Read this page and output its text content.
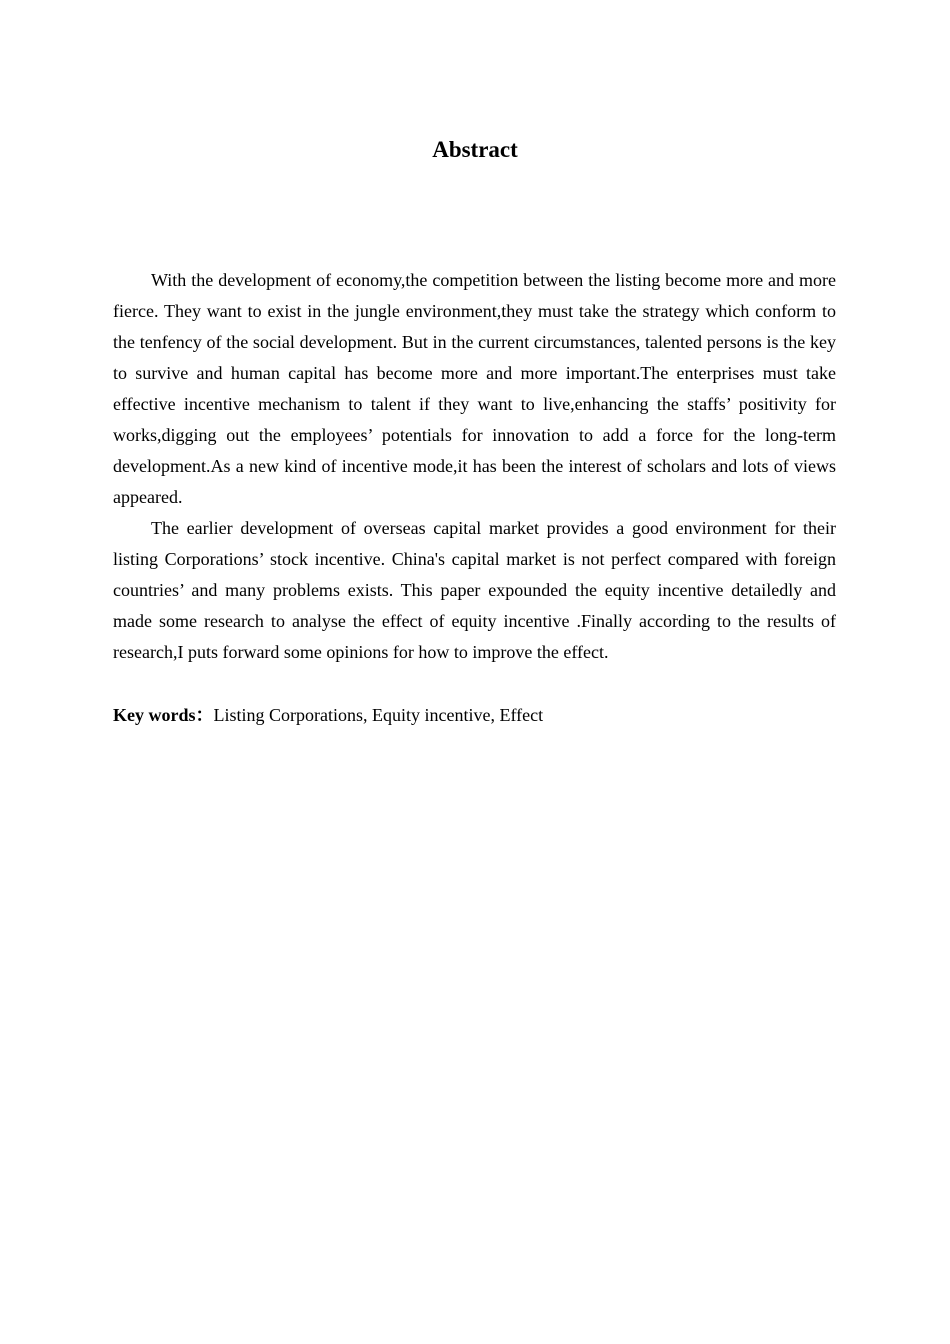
Abstract

With the development of economy,the competition between the listing become more and more fierce. They want to exist in the jungle environment,they must take the strategy which conform to the tenfency of the social development. But in the current circumstances, talented persons is the key to survive and human capital has become more and more important.The enterprises must take effective incentive mechanism to talent if they want to live,enhancing the staffs’ positivity for works,digging out the employees’ potentials for innovation to add a force for the long-term development.As a new kind of incentive mode,it has been the interest of scholars and lots of views appeared.

The earlier development of overseas capital market provides a good environment for their listing Corporations’ stock incentive. China's capital market is not perfect compared with foreign countries’ and many problems exists. This paper expounded the equity incentive detailedly and made some research to analyse the effect of equity incentive .Finally according to the results of research,I puts forward some opinions for how to improve the effect.

Key words：Listing Corporations, Equity incentive, Effect
